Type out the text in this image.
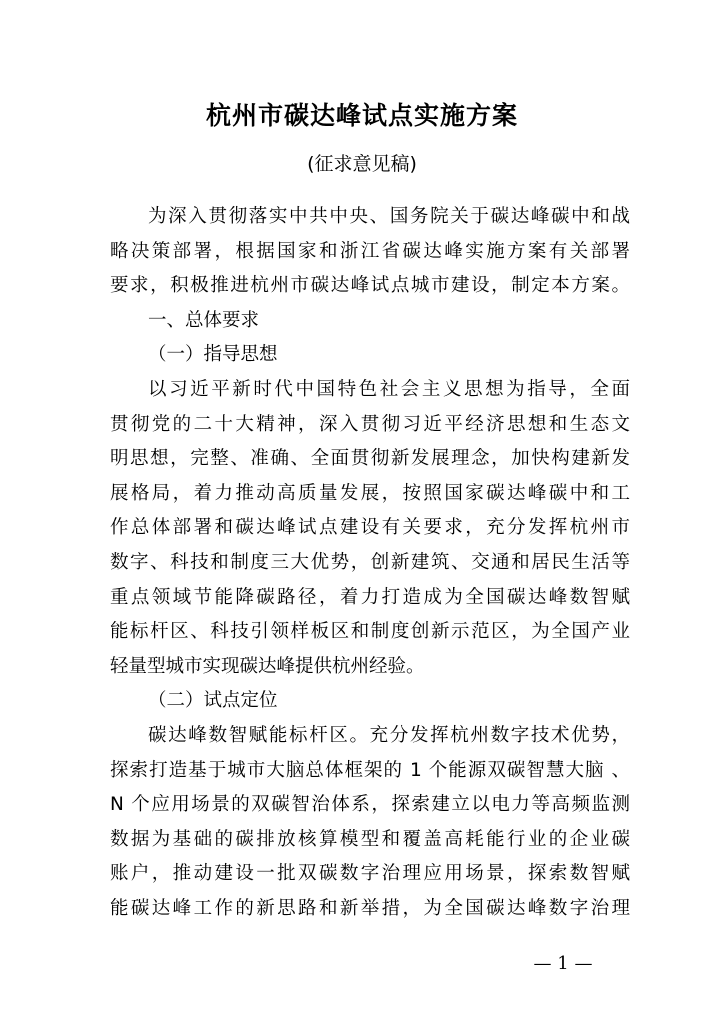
杭州市碳达峰试点实施方案

(征求意见稿)

为深入贯彻落实中共中央、国务院关于碳达峰碳中和战
略决策部署，根据国家和浙江省碳达峰实施方案有关部署
要求，积极推进杭州市碳达峰试点城市建设，制定本方案。
一、总体要求
（一）指导思想
以习近平新时代中国特色社会主义思想为指导，全面
贯彻党的二十大精神，深入贯彻习近平经济思想和生态文
明思想，完整、准确、全面贯彻新发展理念，加快构建新发
展格局，着力推动高质量发展，按照国家碳达峰碳中和工
作总体部署和碳达峰试点建设有关要求，充分发挥杭州市
数字、科技和制度三大优势，创新建筑、交通和居民生活等
重点领域节能降碳路径，着力打造成为全国碳达峰数智赋
能标杆区、科技引领样板区和制度创新示范区，为全国产业
轻量型城市实现碳达峰提供杭州经验。
（二）试点定位
碳达峰数智赋能标杆区。充分发挥杭州数字技术优势，
探索打造基于城市大脑总体框架的 1 个能源双碳智慧大脑 、
N 个应用场景的双碳智治体系，探索建立以电力等高频监测
数据为基础的碳排放核算模型和覆盖高耗能行业的企业碳
账户，推动建设一批双碳数字治理应用场景，探索数智赋
能碳达峰工作的新思路和新举措，为全国碳达峰数字治理
— 1 —
